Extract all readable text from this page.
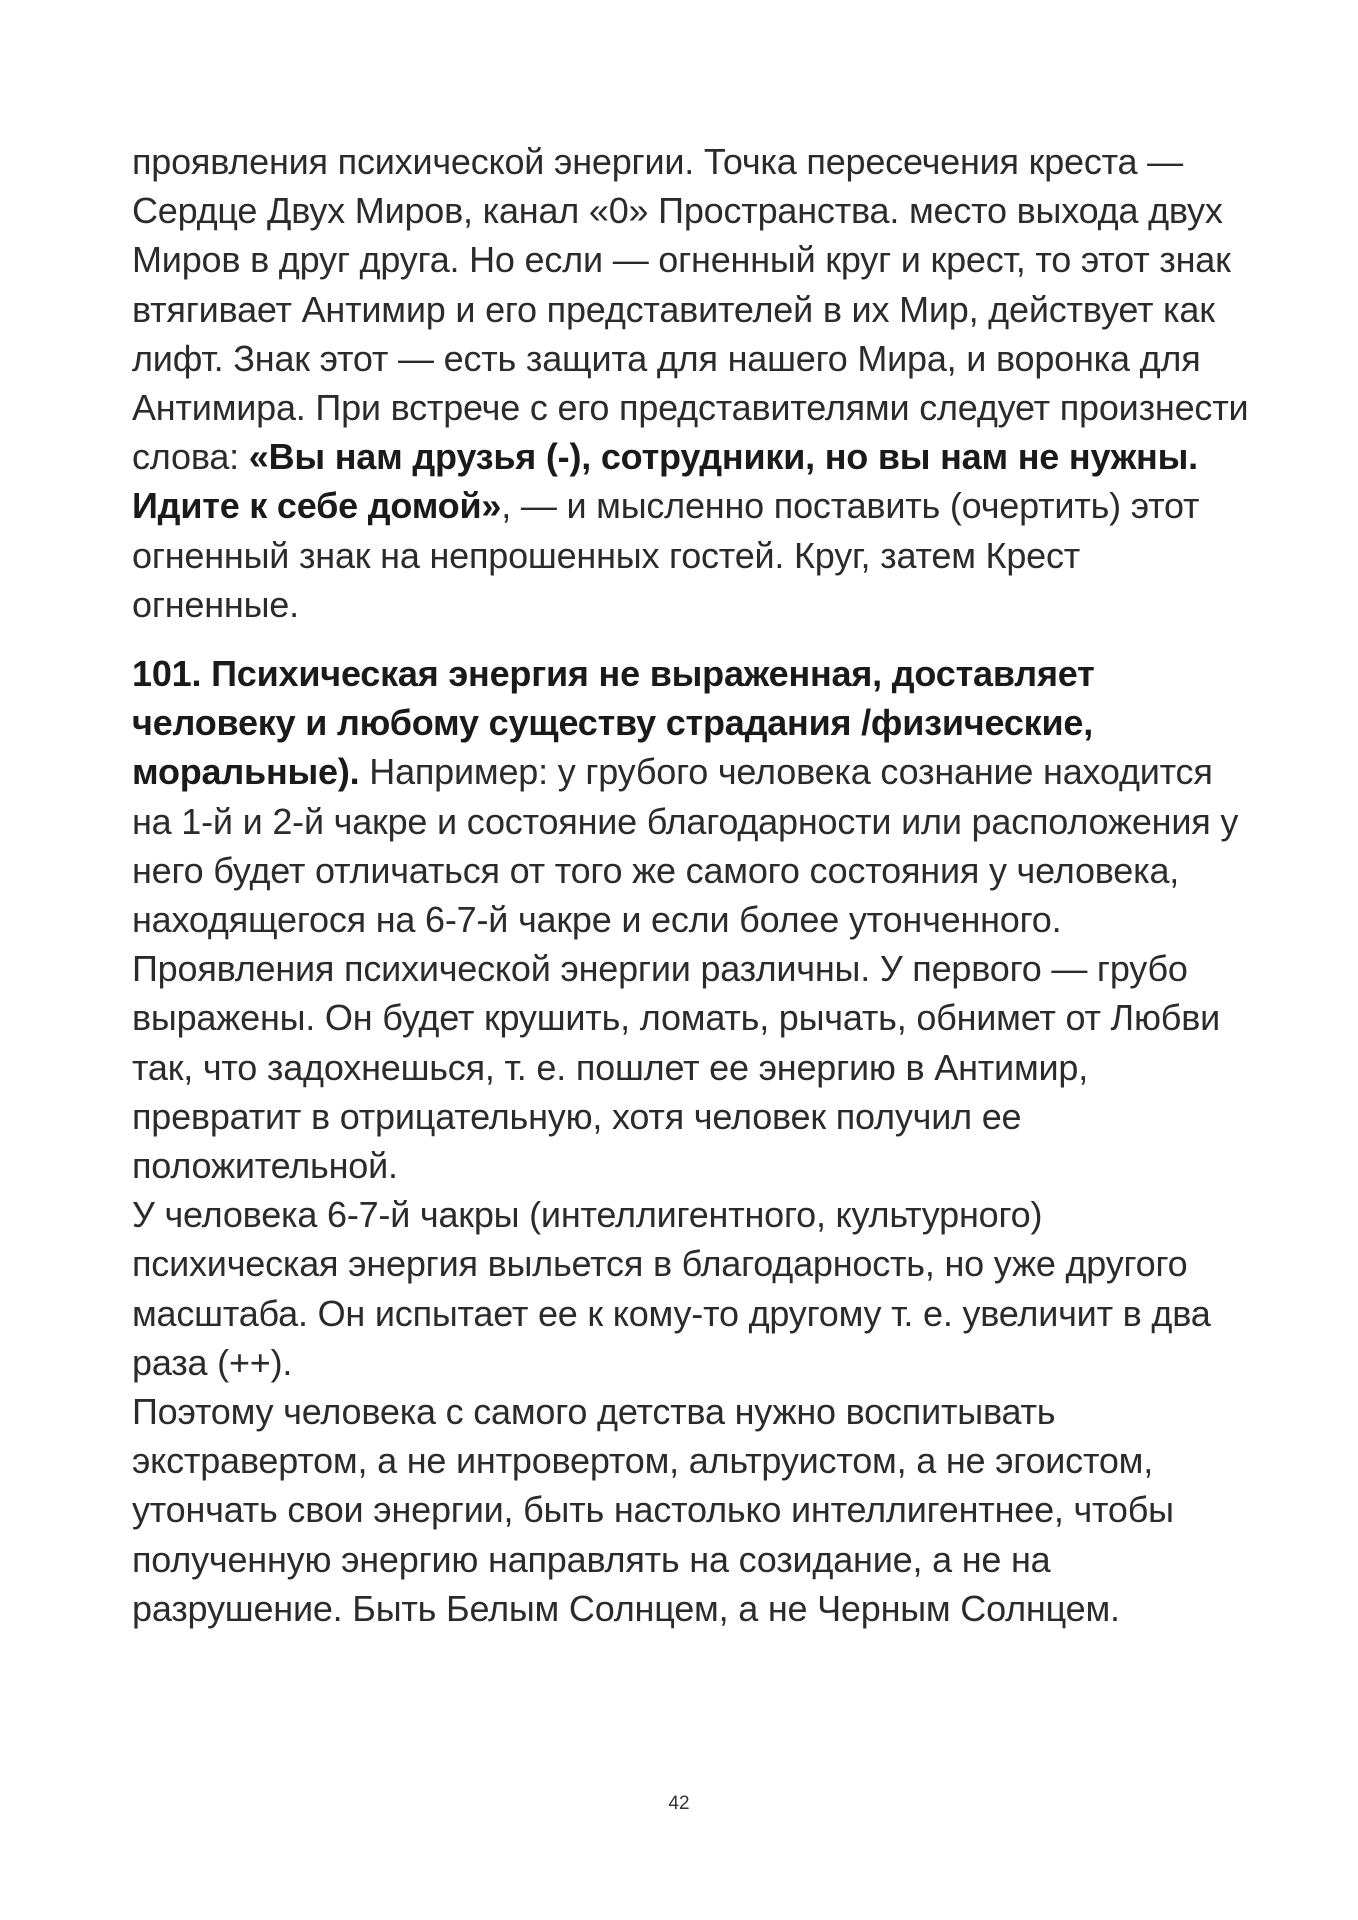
проявления психической энергии. Точка пересечения креста — Сердце Двух Миров, канал «0» Пространства. место выхода двух Миров в друг друга. Но если — огненный круг и крест, то этот знак втягивает Антимир и его представителей в их Мир, действует как лифт. Знак этот — есть защита для нашего Мира, и воронка для Антимира. При встрече с его представителями следует произнести слова: «Вы нам друзья (-), сотрудники, но вы нам не нужны. Идите к себе домой», — и мысленно поставить (очертить) этот огненный знак на непрошенных гостей. Круг, затем Крест огненные.

101. Психическая энергия не выраженная, доставляет человеку и любому существу страдания /физические, моральные). Например: у грубого человека сознание находится на 1-й и 2-й чакре и состояние благодарности или расположения у него будет отличаться от того же самого состояния у человека, находящегося на 6-7-й чакре и если более утонченного.

Проявления психической энергии различны. У первого — грубо выражены. Он будет крушить, ломать, рычать, обнимет от Любви так, что задохнешься, т. е. пошлет ее энергию в Антимир, превратит в отрицательную, хотя человек получил ее положительной.

У человека 6-7-й чакры (интеллигентного, культурного) психическая энергия выльется в благодарность, но уже другого масштаба. Он испытает ее к кому-то другому т. е. увеличит в два раза (++).

Поэтому человека с самого детства нужно воспитывать экстравертом, а не интровертом, альтруистом, а не эгоистом, утончать свои энергии, быть настолько интеллигентнее, чтобы полученную энергию направлять на созидание, а не на разрушение. Быть Белым Солнцем, а не Черным Солнцем.

42
